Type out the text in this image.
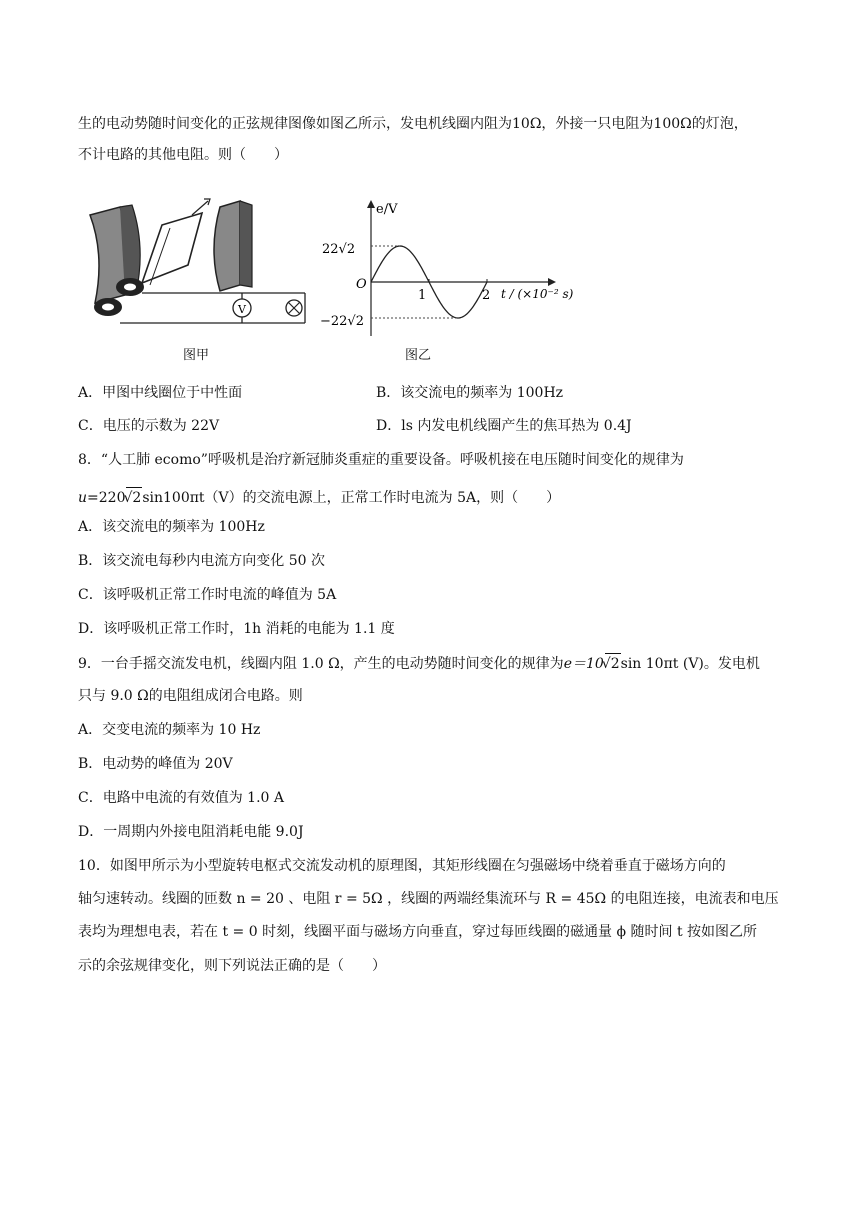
生的电动势随时间变化的正弦规律图像如图乙所示，发电机线圈内阻为10Ω，外接一只电阻为100Ω的灯泡，
不计电路的其他电阻。则（　　）
V
图甲
e/V
t / (×10⁻² s)
O
22√2
−22√2
1	2
图乙
A．甲图中线圈位于中性面	B．该交流电的频率为 100Hz
C．电压的示数为 22V	D．ls 内发电机线圈产生的焦耳热为 0.4J
8．“人工肺 ecomo”呼吸机是治疗新冠肺炎重症的重要设备。呼吸机接在电压随时间变化的规律为
u=220√2sin100πt（V）的交流电源上，正常工作时电流为 5A，则（　　）
A．该交流电的频率为 100Hz
B．该交流电每秒内电流方向变化 50 次
C．该呼吸机正常工作时电流的峰值为 5A
D．该呼吸机正常工作时，1h 消耗的电能为 1.1 度
9．一台手摇交流发电机，线圈内阻 1.0 Ω，产生的电动势随时间变化的规律为e＝10√2sin 10πt (V)。发电机
只与 9.0 Ω的电阻组成闭合电路。则
A．交变电流的频率为 10 Hz
B．电动势的峰值为 20V
C．电路中电流的有效值为 1.0 A
D．一周期内外接电阻消耗电能 9.0J
10．如图甲所示为小型旋转电枢式交流发动机的原理图，其矩形线圈在匀强磁场中绕着垂直于磁场方向的
轴匀速转动。线圈的匝数 n = 20 、电阻 r = 5Ω ，线圈的两端经集流环与 R = 45Ω 的电阻连接，电流表和电压
表均为理想电表，若在 t = 0 时刻，线圈平面与磁场方向垂直，穿过每匝线圈的磁通量 ϕ 随时间 t 按如图乙所
示的余弦规律变化，则下列说法正确的是（　　）
